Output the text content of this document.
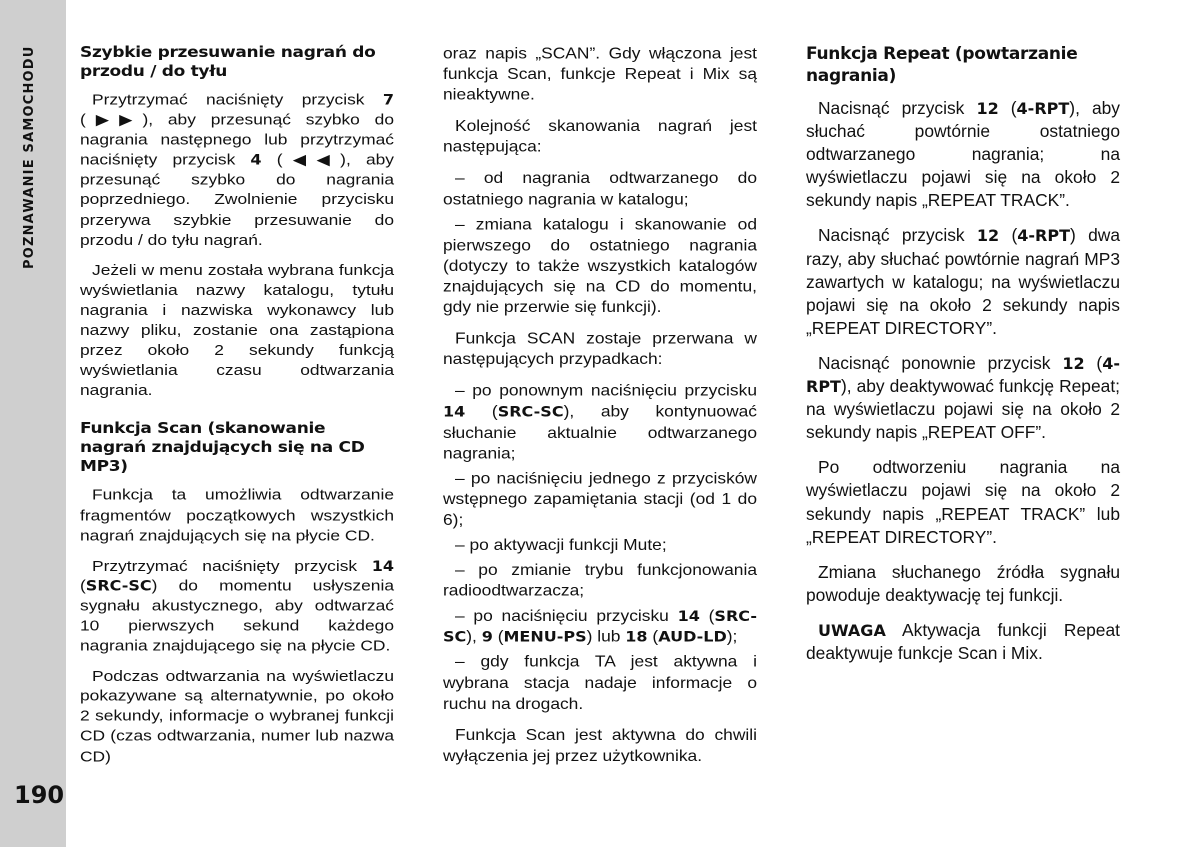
POZNAWANIE SAMOCHODU
190
Szybkie przesuwanie nagrań do przodu / do tyłu

Przytrzymać naciśnięty przycisk 7 (▶▶), aby przesunąć szybko do nagrania następnego lub przytrzymać naciśnięty przycisk 4 (◀◀), aby przesunąć szybko do nagrania poprzedniego. Zwolnienie przycisku przerywa szybkie przesuwanie do przodu / do tyłu nagrań.

Jeżeli w menu została wybrana funkcja wyświetlania nazwy katalogu, tytułu nagrania i nazwiska wykonawcy lub nazwy pliku, zostanie ona zastąpiona przez około 2 sekundy funkcją wyświetlania czasu odtwarzania nagrania.

Funkcja Scan (skanowanie nagrań znajdujących się na CD MP3)

Funkcja ta umożliwia odtwarzanie fragmentów początkowych wszystkich nagrań znajdujących się na płycie CD.

Przytrzymać naciśnięty przycisk 14 (SRC-SC) do momentu usłyszenia sygnału akustycznego, aby odtwarzać 10 pierwszych sekund każdego nagrania znajdującego się na płycie CD.

Podczas odtwarzania na wyświetlaczu pokazywane są alternatywnie, po około 2 sekundy, informacje o wybranej funkcji CD (czas odtwarzania, numer lub nazwa CD)

oraz napis „SCAN”. Gdy włączona jest funkcja Scan, funkcje Repeat i Mix są nieaktywne.

Kolejność skanowania nagrań jest następująca:

– od nagrania odtwarzanego do ostatniego nagrania w katalogu;

– zmiana katalogu i skanowanie od pierwszego do ostatniego nagrania (dotyczy to także wszystkich katalogów znajdujących się na CD do momentu, gdy nie przerwie się funkcji).

Funkcja SCAN zostaje przerwana w następujących przypadkach:

– po ponownym naciśnięciu przycisku 14 (SRC-SC), aby kontynuować słuchanie aktualnie odtwarzanego nagrania;

– po naciśnięciu jednego z przycisków wstępnego zapamiętania stacji (od 1 do 6);

– po aktywacji funkcji Mute;

– po zmianie trybu funkcjonowania radioodtwarzacza;

– po naciśnięciu przycisku 14 (SRC-SC), 9 (MENU-PS) lub 18 (AUD-LD);

– gdy funkcja TA jest aktywna i wybrana stacja nadaje informacje o ruchu na drogach.

Funkcja Scan jest aktywna do chwili wyłączenia jej przez użytkownika.

Funkcja Repeat (powtarzanie nagrania)

Nacisnąć przycisk 12 (4-RPT), aby słuchać powtórnie ostatniego odtwarzanego nagrania; na wyświetlaczu pojawi się na około 2 sekundy napis „REPEAT TRACK”.

Nacisnąć przycisk 12 (4-RPT) dwa razy, aby słuchać powtórnie nagrań MP3 zawartych w katalogu; na wyświetlaczu pojawi się na około 2 sekundy napis „REPEAT DIRECTORY”.

Nacisnąć ponownie przycisk 12 (4-RPT), aby deaktywować funkcję Repeat; na wyświetlaczu pojawi się na około 2 sekundy napis „REPEAT OFF”.

Po odtworzeniu nagrania na wyświetlaczu pojawi się na około 2 sekundy napis „REPEAT TRACK” lub „REPEAT DIRECTORY”.

Zmiana słuchanego źródła sygnału powoduje deaktywację tej funkcji.

UWAGA Aktywacja funkcji Repeat deaktywuje funkcje Scan i Mix.
